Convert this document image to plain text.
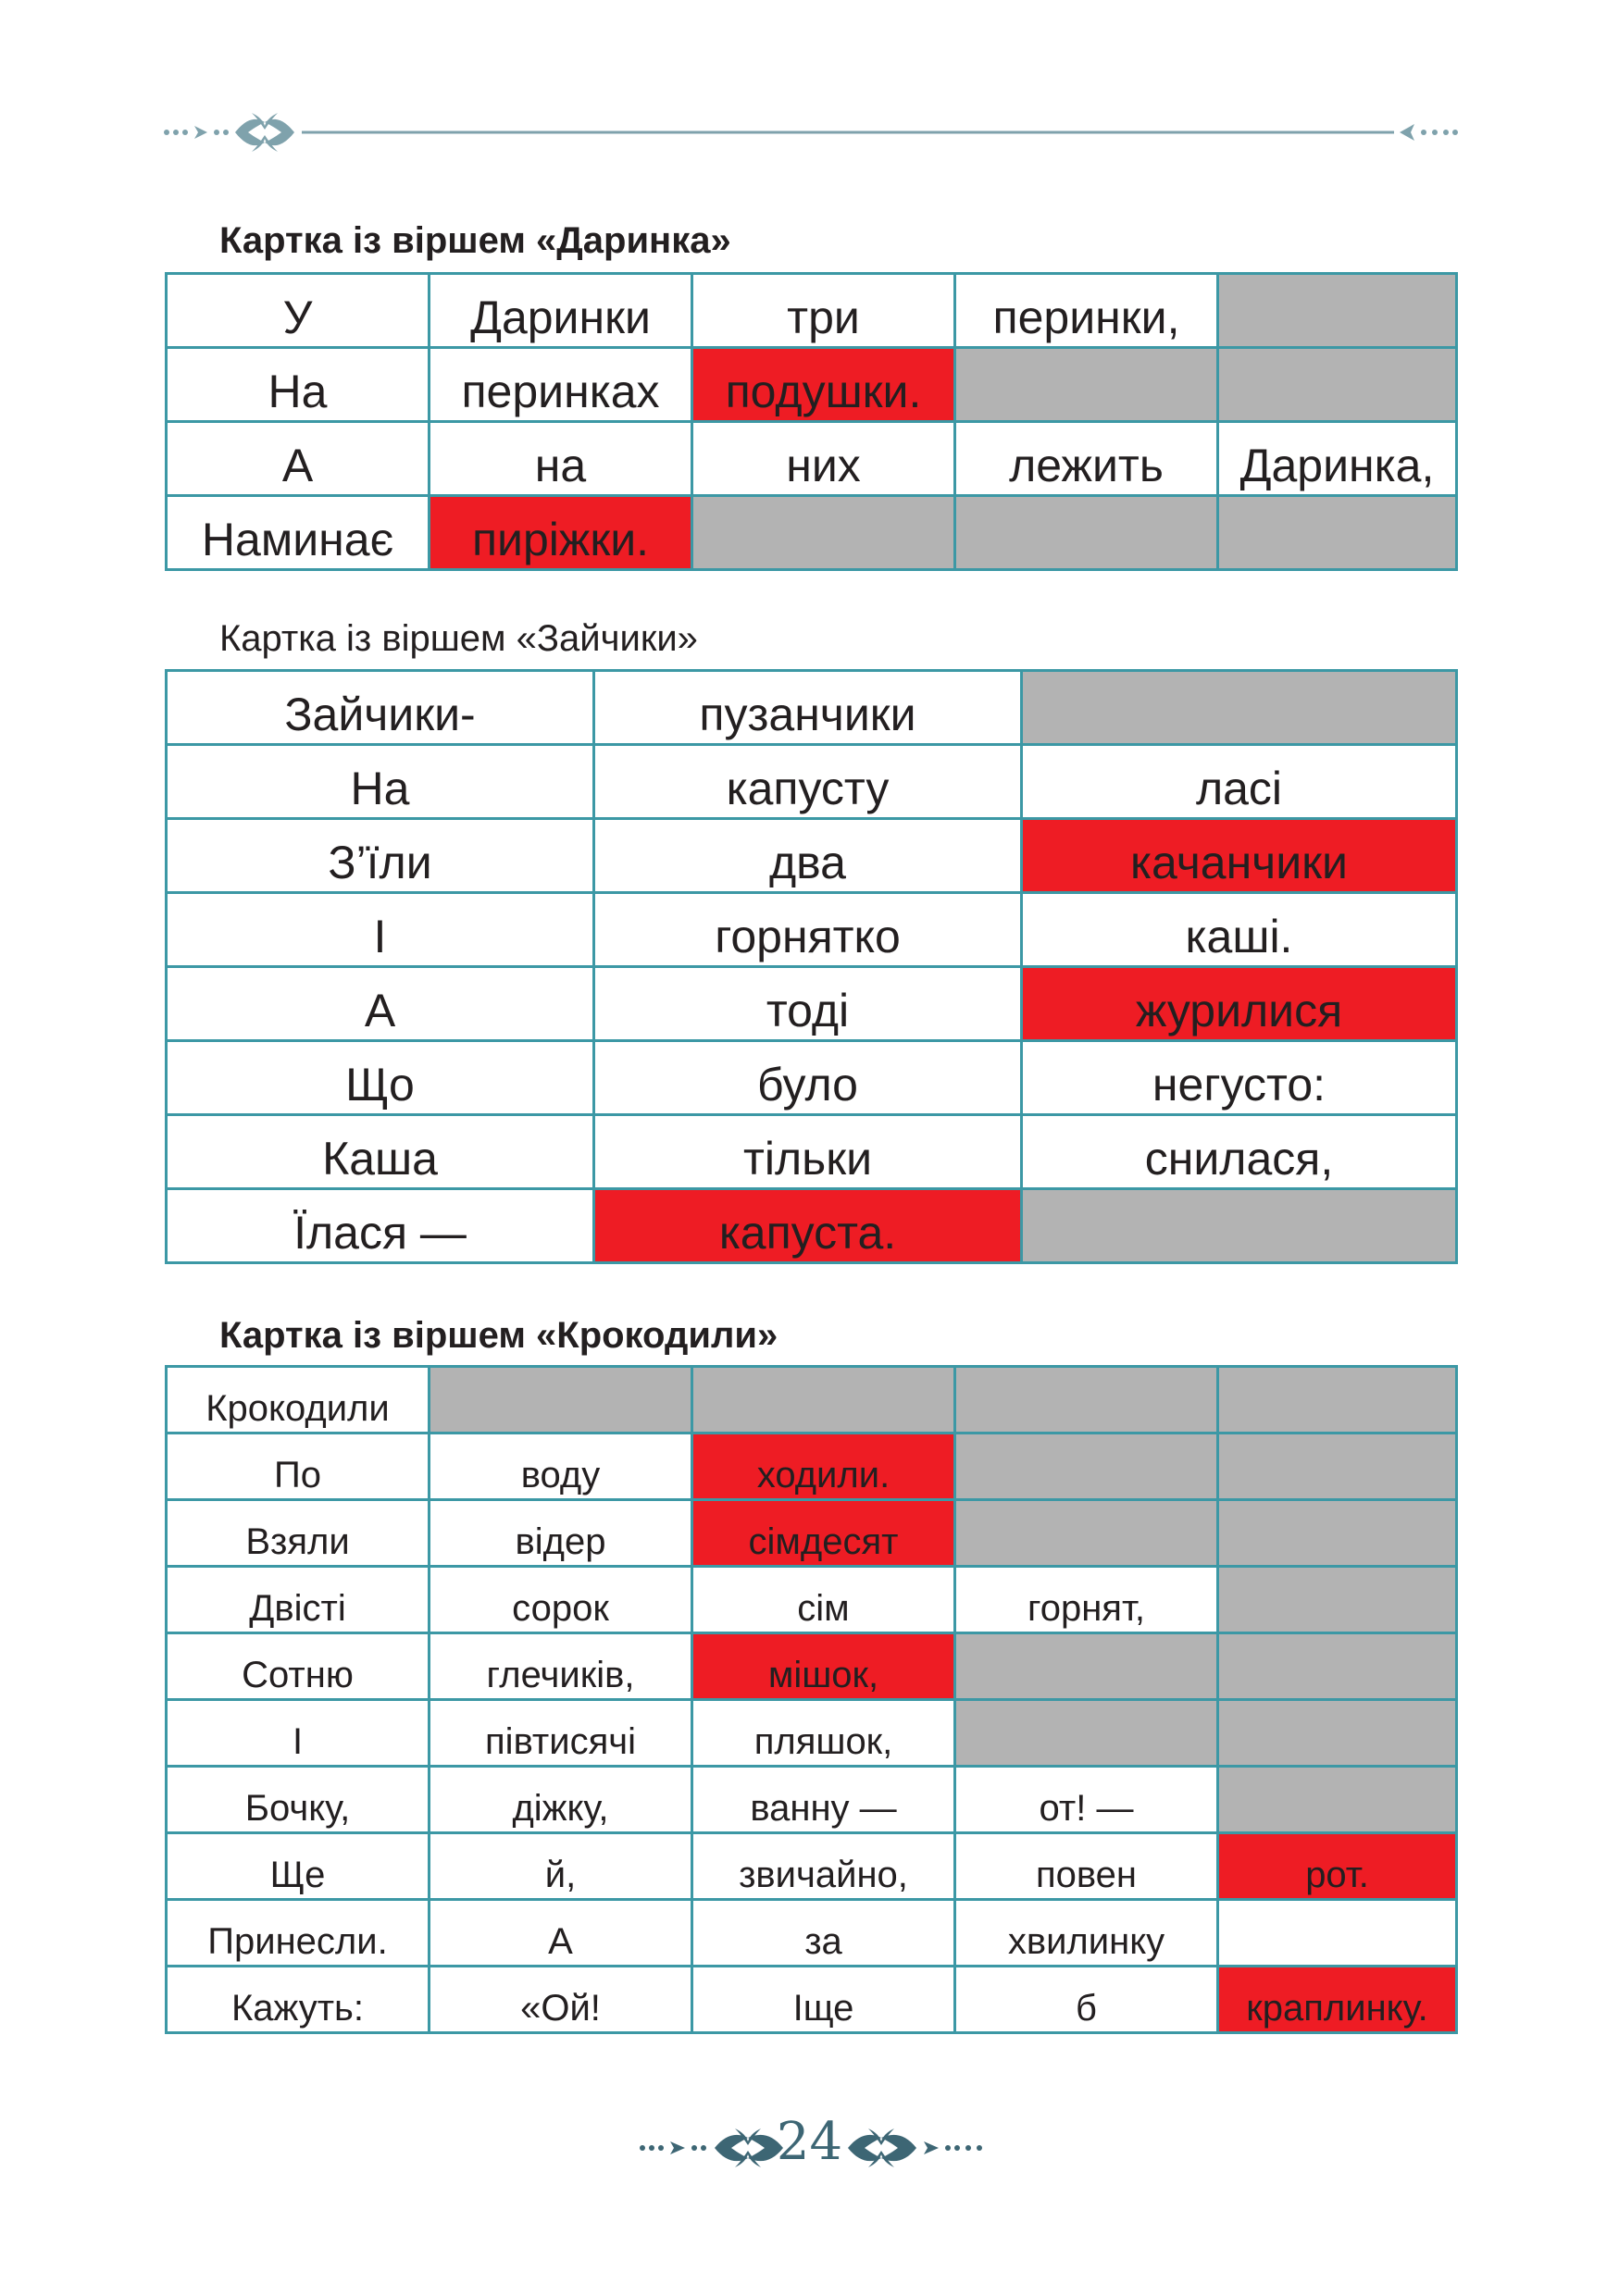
Картка із віршем «Даринка»

У	Даринки	три	перинки,	
На	перинках	подушки.		
А	на	них	лежить	Даринка,
Наминає	пиріжки.			

Картка із віршем «Зайчики»

Зайчики-	пузанчики	
На	капусту	ласі
З’їли	два	качанчики
І	горнятко	каші.
А	тоді	журилися
Що	було	негусто:
Каша	тільки	снилася,
Їлася —	капуста.	

Картка із віршем «Крокодили»

Крокодили				
По	воду	ходили.		
Взяли	відер	сімдесят		
Двісті	сорок	сім	горнят,	
Сотню	глечиків,	мішок,		
І	півтисячі	пляшок,		
Бочку,	діжку,	ванну —	от! —	
Ще	й,	звичайно,	повен	рот.
Принесли.	А	за	хвилинку	
Кажуть:	«Ой!	Іще	б	краплинку.
24
